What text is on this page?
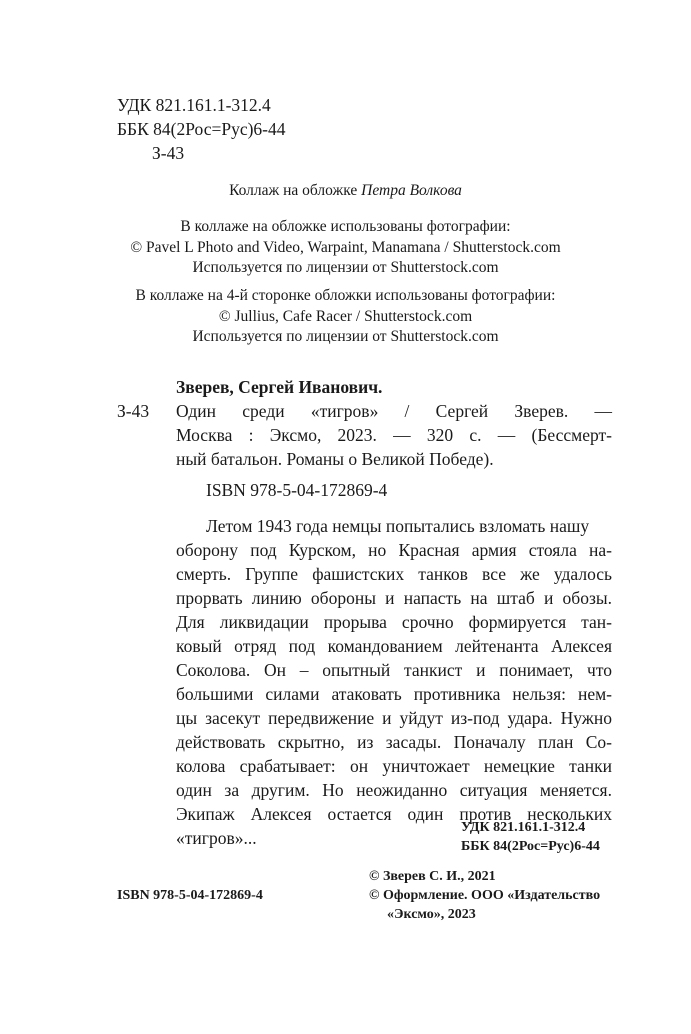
УДК 821.161.1-312.4
ББК 84(2Рос=Рус)6-44
З-43
Коллаж на обложке Петра Волкова
В коллаже на обложке использованы фотографии:
© Pavel L Photo and Video, Warpaint, Manamana / Shutterstock.com
Используется по лицензии от Shutterstock.com
В коллаже на 4-й сторонке обложки использованы фотографии:
© Jullius, Cafe Racer / Shutterstock.com
Используется по лицензии от Shutterstock.com
Зверев, Сергей Иванович.
З-43 Один среди «тигров» / Сергей Зверев. —
Москва : Эксмо, 2023. — 320 с. — (Бессмерт-
ный батальон. Романы о Великой Победе).
ISBN 978-5-04-172869-4
Летом 1943 года немцы попытались взломать нашу
оборону под Курском, но Красная армия стояла на-
смерть. Группе фашистских танков все же удалось
прорвать линию обороны и напасть на штаб и обозы.
Для ликвидации прорыва срочно формируется тан-
ковый отряд под командованием лейтенанта Алексея
Соколова. Он – опытный танкист и понимает, что
большими силами атаковать противника нельзя: нем-
цы засекут передвижение и уйдут из-под удара. Нужно
действовать скрытно, из засады. Поначалу план Со-
колова срабатывает: он уничтожает немецкие танки
один за другим. Но неожиданно ситуация меняется.
Экипаж Алексея остается один против нескольких
«тигров»...
УДК 821.161.1-312.4
ББК 84(2Рос=Рус)6-44
© Зверев С. И., 2021
© Оформление. ООО «Издательство
«Эксмо», 2023
ISBN 978-5-04-172869-4
